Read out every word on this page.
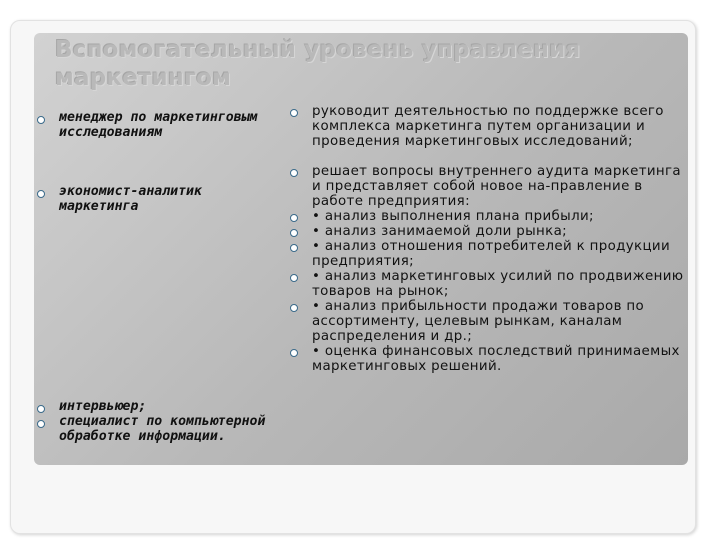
Вспомогательный уровень управления маркетингом
менеджер по маркетинговым исследованиям
экономист-аналитик маркетинга
интервьюер;
специалист по компьютерной обработке информации.
руководит деятельностью по поддержке всего комплекса маркетинга путем организации и проведения маркетинговых исследований;
решает вопросы внутреннего аудита маркетинга и представляет собой новое на-правление в работе предприятия:
• анализ выполнения плана прибыли;
• анализ занимаемой доли рынка;
• анализ отношения потребителей к продукции предприятия;
• анализ маркетинговых усилий по продвижению товаров на рынок;
• анализ прибыльности продажи товаров по ассортименту, целевым рынкам, каналам распределения и др.;
• оценка финансовых последствий принимаемых маркетинговых решений.
